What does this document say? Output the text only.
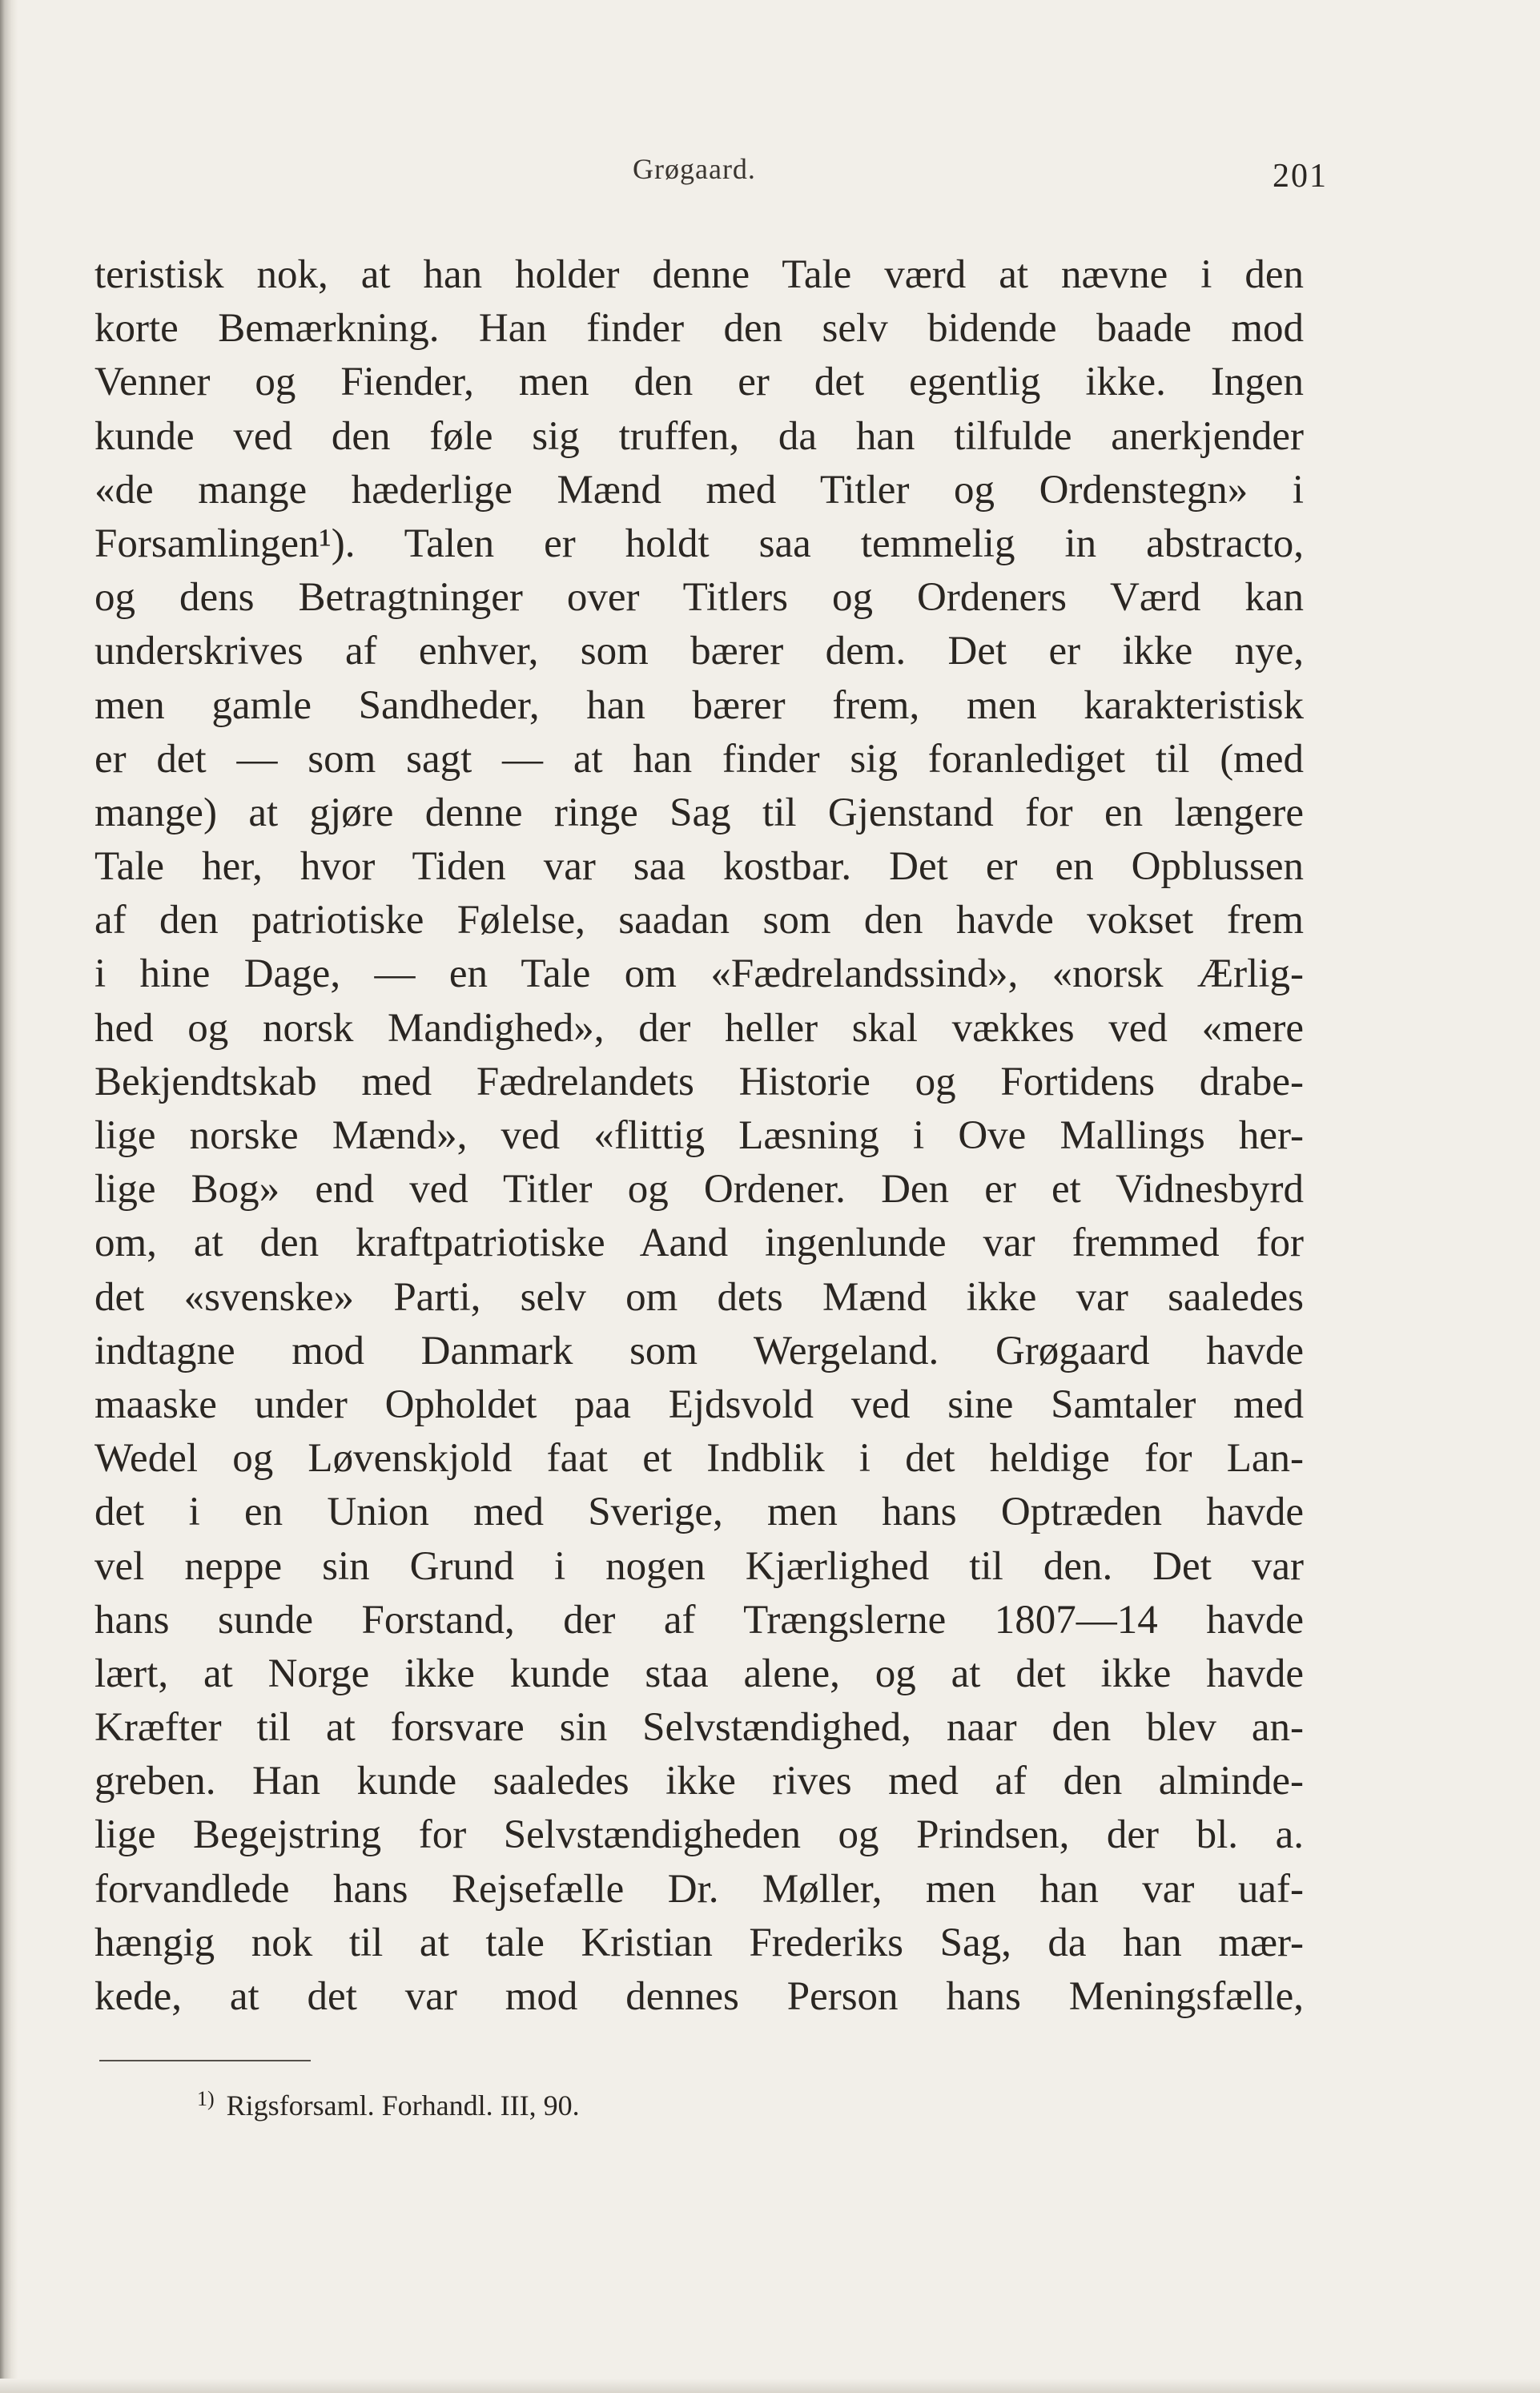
Grøgaard.	201
teristisk nok, at han holder denne Tale værd at nævne i den
korte Bemærkning. Han finder den selv bidende baade mod
Venner og Fiender, men den er det egentlig ikke. Ingen
kunde ved den føle sig truffen, da han tilfulde anerkjender
«de mange hæderlige Mænd med Titler og Ordenstegn» i
Forsamlingen¹). Talen er holdt saa temmelig in abstracto,
og dens Betragtninger over Titlers og Ordeners Værd kan
underskrives af enhver, som bærer dem. Det er ikke nye,
men gamle Sandheder, han bærer frem, men karakteristisk
er det — som sagt — at han finder sig foranlediget til (med
mange) at gjøre denne ringe Sag til Gjenstand for en længere
Tale her, hvor Tiden var saa kostbar. Det er en Opblussen
af den patriotiske Følelse, saadan som den havde vokset frem
i hine Dage, — en Tale om «Fædrelandssind», «norsk Ærlig-
hed og norsk Mandighed», der heller skal vækkes ved «mere
Bekjendtskab med Fædrelandets Historie og Fortidens drabe-
lige norske Mænd», ved «flittig Læsning i Ove Mallings her-
lige Bog» end ved Titler og Ordener. Den er et Vidnesbyrd
om, at den kraftpatriotiske Aand ingenlunde var fremmed for
det «svenske» Parti, selv om dets Mænd ikke var saaledes
indtagne mod Danmark som Wergeland. Grøgaard havde
maaske under Opholdet paa Ejdsvold ved sine Samtaler med
Wedel og Løvenskjold faat et Indblik i det heldige for Lan-
det i en Union med Sverige, men hans Optræden havde
vel neppe sin Grund i nogen Kjærlighed til den. Det var
hans sunde Forstand, der af Trængslerne 1807—14 havde
lært, at Norge ikke kunde staa alene, og at det ikke havde
Kræfter til at forsvare sin Selvstændighed, naar den blev an-
greben. Han kunde saaledes ikke rives med af den alminde-
lige Begejstring for Selvstændigheden og Prindsen, der bl. a.
forvandlede hans Rejsefælle Dr. Møller, men han var uaf-
hængig nok til at tale Kristian Frederiks Sag, da han mær-
kede, at det var mod dennes Person hans Meningsfælle,
$^{1)}$ Rigsforsaml. Forhandl. III, 90.
